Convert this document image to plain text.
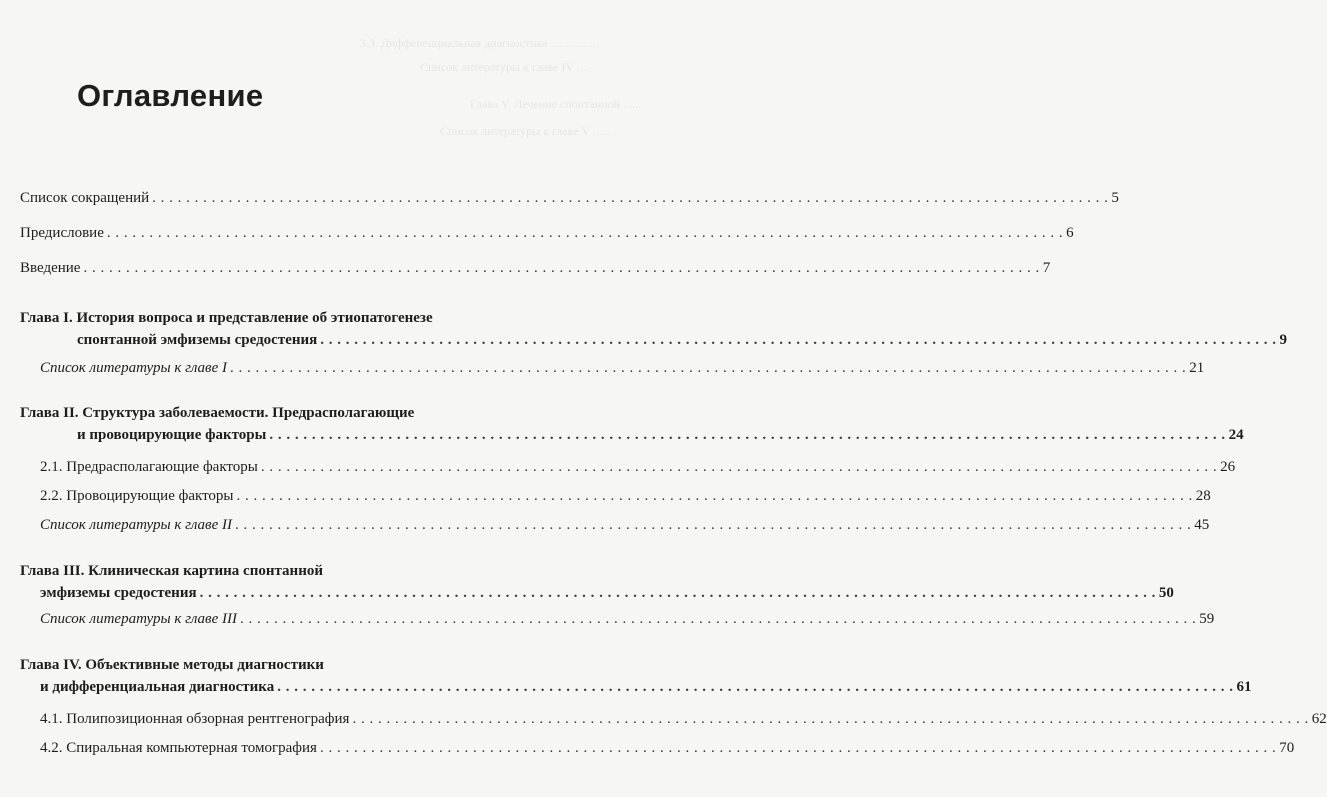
3.3. Дифференциальная диагностика ................
Список литературы к главе IV ....
Глава V. Лечение спонтанной ......
Список литературы к главе V ......
Оглавление
Список сокращений . . .	5
Предисловие . . .	6
Введение . . .	7
Глава I. История вопроса и представление об этиопатогенезе
спонтанной эмфиземы средостения . . .	9
Список литературы к главе I . . .	21
Глава II. Структура заболеваемости. Предрасполагающие
и провоцирующие факторы . . .	24
2.1. Предрасполагающие факторы . . .	26
2.2. Провоцирующие факторы . . .	28
Список литературы к главе II . . .	45
Глава III. Клиническая картина спонтанной
эмфиземы средостения . . .	50
Список литературы к главе III . . .	59
Глава IV. Объективные методы диагностики
и дифференциальная диагностика . . .	61
4.1. Полипозиционная обзорная рентгенография . . .	62
4.2. Спиральная компьютерная томография . . .	70
